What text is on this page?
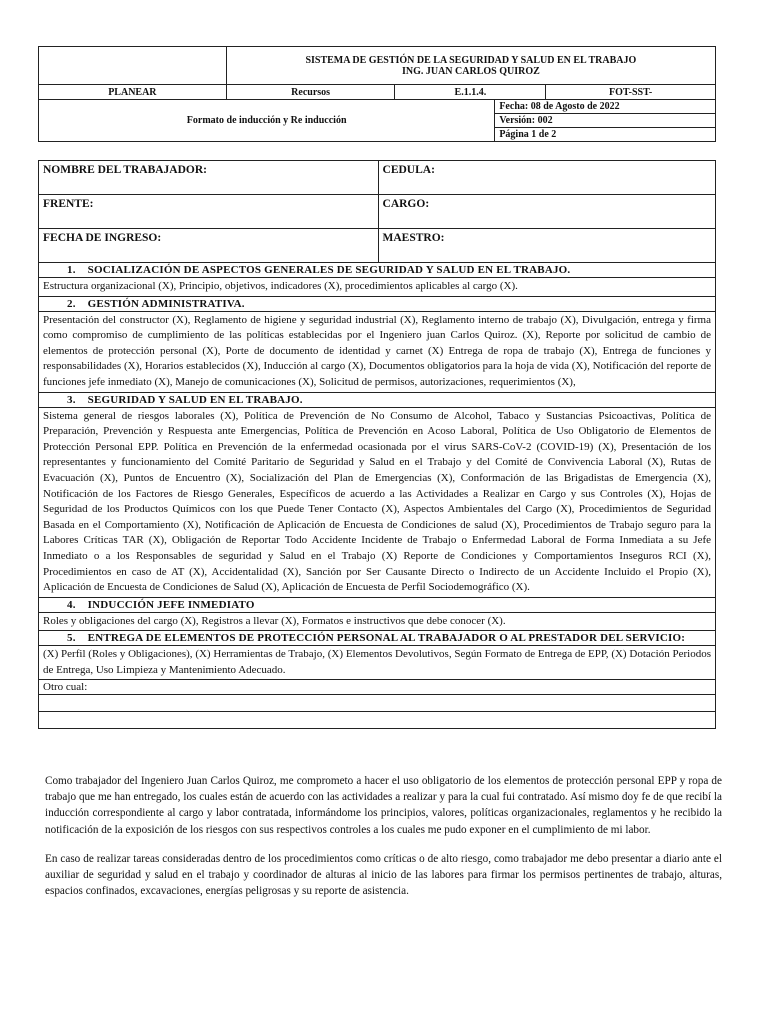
	SISTEMA DE GESTIÓN DE LA SEGURIDAD Y SALUD EN EL TRABAJO
ING. JUAN CARLOS QUIROZ			

PLANEAR	Recursos	E.1.1.4.		FOT-SST-
Formato de inducción y Re inducción			Fecha: 08 de Agosto de 2022	
			Versión: 002	
			Página 1 de 2	
NOMBRE DEL TRABAJADOR:	CEDULA:
FRENTE:	CARGO:
FECHA DE INGRESO:	MAESTRO:
1. SOCIALIZACIÓN DE ASPECTOS GENERALES DE SEGURIDAD Y SALUD EN EL TRABAJO.	
Estructura organizacional (X), Principio, objetivos, indicadores (X), procedimientos aplicables al cargo (X).	
2. GESTIÓN ADMINISTRATIVA.	
Presentación del constructor (X), Reglamento de higiene y seguridad industrial (X), Reglamento interno de trabajo (X), Divulgación, entrega y firma como compromiso de cumplimiento de las políticas establecidas por el Ingeniero juan Carlos Quiroz. (X), Reporte por solicitud de cambio de elementos de protección personal (X), Porte de documento de identidad y carnet (X) Entrega de ropa de trabajo (X), Entrega de funciones y responsabilidades (X), Horarios establecidos (X), Inducción al cargo (X), Documentos obligatorios para la hoja de vida (X), Notificación del reporte de funciones jefe inmediato (X), Manejo de comunicaciones (X), Solicitud de permisos, autorizaciones, requerimientos (X),	
3. SEGURIDAD Y SALUD EN EL TRABAJO.	
Sistema general de riesgos laborales (X), Política de Prevención de No Consumo de Alcohol, Tabaco y Sustancias Psicoactivas, Política de Preparación, Prevención y Respuesta ante Emergencias, Política de Prevención en Acoso Laboral, Política de Uso Obligatorio de Elementos de Protección Personal EPP. Política en Prevención de la enfermedad ocasionada por el virus SARS-CoV-2 (COVID-19) (X), Presentación de los representantes y funcionamiento del Comité Paritario de Seguridad y Salud en el Trabajo y del Comité de Convivencia Laboral (X), Rutas de Evacuación (X), Puntos de Encuentro (X), Socialización del Plan de Emergencias (X), Conformación de las Brigadistas de Emergencia (X), Notificación de los Factores de Riesgo Generales, Específicos de acuerdo a las Actividades a Realizar en Cargo y sus Controles (X), Hojas de Seguridad de los Productos Químicos con los que Puede Tener Contacto (X), Aspectos Ambientales del Cargo (X), Procedimientos de Seguridad Basada en el Comportamiento (X), Notificación de Aplicación de Encuesta de Condiciones de salud (X), Procedimientos de Trabajo seguro para la Labores Críticas TAR (X), Obligación de Reportar Todo Accidente Incidente de Trabajo o Enfermedad Laboral de Forma Inmediata a su Jefe Inmediato o a los Responsables de seguridad y Salud en el Trabajo (X) Reporte de Condiciones y Comportamientos Inseguros RCI (X), Procedimientos en caso de AT (X), Accidentalidad (X), Sanción por Ser Causante Directo o Indirecto de un Accidente Incluido el Propio (X), Aplicación de Encuesta de Condiciones de Salud (X), Aplicación de Encuesta de Perfil Sociodemográfico (X).	
4. INDUCCIÓN JEFE INMEDIATO	
Roles y obligaciones del cargo (X), Registros a llevar (X), Formatos e instructivos que debe conocer (X).	
5. ENTREGA DE ELEMENTOS DE PROTECCIÓN PERSONAL AL TRABAJADOR O AL PRESTADOR DEL SERVICIO:	
(X) Perfil (Roles y Obligaciones), (X) Herramientas de Trabajo, (X) Elementos Devolutivos, Según Formato de Entrega de EPP, (X) Dotación Periodos de Entrega, Uso Limpieza y Mantenimiento Adecuado.	
Otro cual:	

Como trabajador del Ingeniero Juan Carlos Quiroz, me comprometo a hacer el uso obligatorio de los elementos de protección personal EPP y ropa de trabajo que me han entregado, los cuales están de acuerdo con las actividades a realizar y para la cual fui contratado. Así mismo doy fe de que recibí la inducción correspondiente al cargo y labor contratada, informándome los principios, valores, políticas organizacionales, reglamentos y he recibido la notificación de la exposición de los riesgos con sus respectivos controles a los cuales me pudo exponer en el cumplimiento de mi labor.

En caso de realizar tareas consideradas dentro de los procedimientos como críticas o de alto riesgo, como trabajador me debo presentar a diario ante el auxiliar de seguridad y salud en el trabajo y coordinador de alturas al inicio de las labores para firmar los permisos pertinentes de trabajo, alturas, espacios confinados, excavaciones, energías peligrosas y su reporte de asistencia.
